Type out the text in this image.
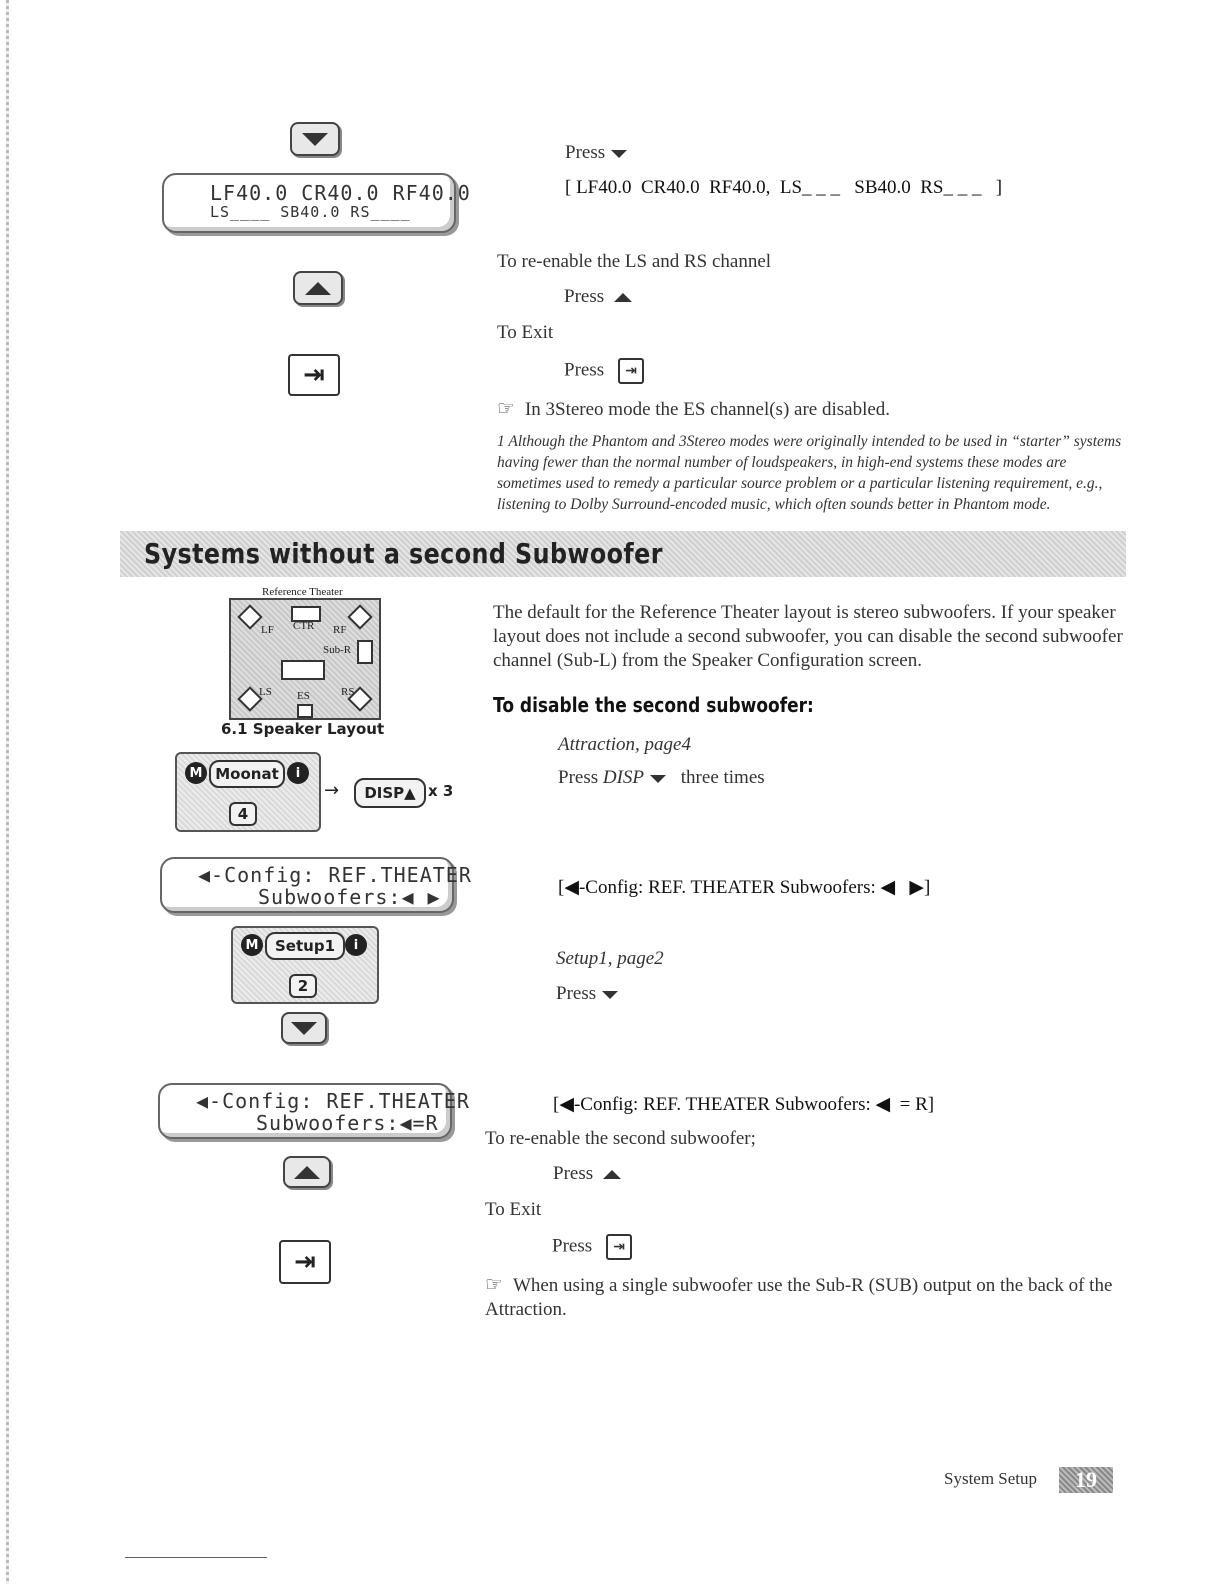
LF40.0 CR40.0 RF40.0
LS____ SB40.0 RS____
Press
[ LF40.0  CR40.0  RF40.0,  LS_ _ _   SB40.0  RS_ _ _   ]
To re-enable the LS and RS channel
Press
To Exit
⇥	Press ⇥
☞ In 3Stereo mode the ES channel(s) are disabled.
1 Although the Phantom and 3Stereo modes were originally intended to be used in “starter” systems having fewer than the normal number of loudspeakers, in high-end systems these modes are sometimes used to remedy a particular source problem or a particular listening requirement, e.g., listening to Dolby Surround-encoded music, which often sounds better in Phantom mode.
Systems without a second Subwoofer
Reference Theater
LF CTR RF
Sub-R
LS ES	RS
6.1 Speaker Layout
The default for the Reference Theater layout is stereo subwoofers. If your speaker layout does not include a second subwoofer, you can disable the second subwoofer channel (Sub-L) from the Speaker Configuration screen.
To disable the second subwoofer:
M Moonat	i
4
→	DISP▲ x 3
Attraction, page4
Press DISP three times
◀-Config: REF.THEATER
Subwoofers:◀ ▶	[◀-Config: REF. THEATER Subwoofers: ◀   ▶]
M	Setup1	i
2
Setup1, page2
Press
◀-Config: REF.THEATER
Subwoofers:◀=R
[◀-Config: REF. THEATER Subwoofers: ◀  = R]
To re-enable the second subwoofer;
Press
To Exit
⇥
Press ⇥
☞ When using a single subwoofer use the Sub-R (SUB) output on the back of the Attraction.
System Setup	19
